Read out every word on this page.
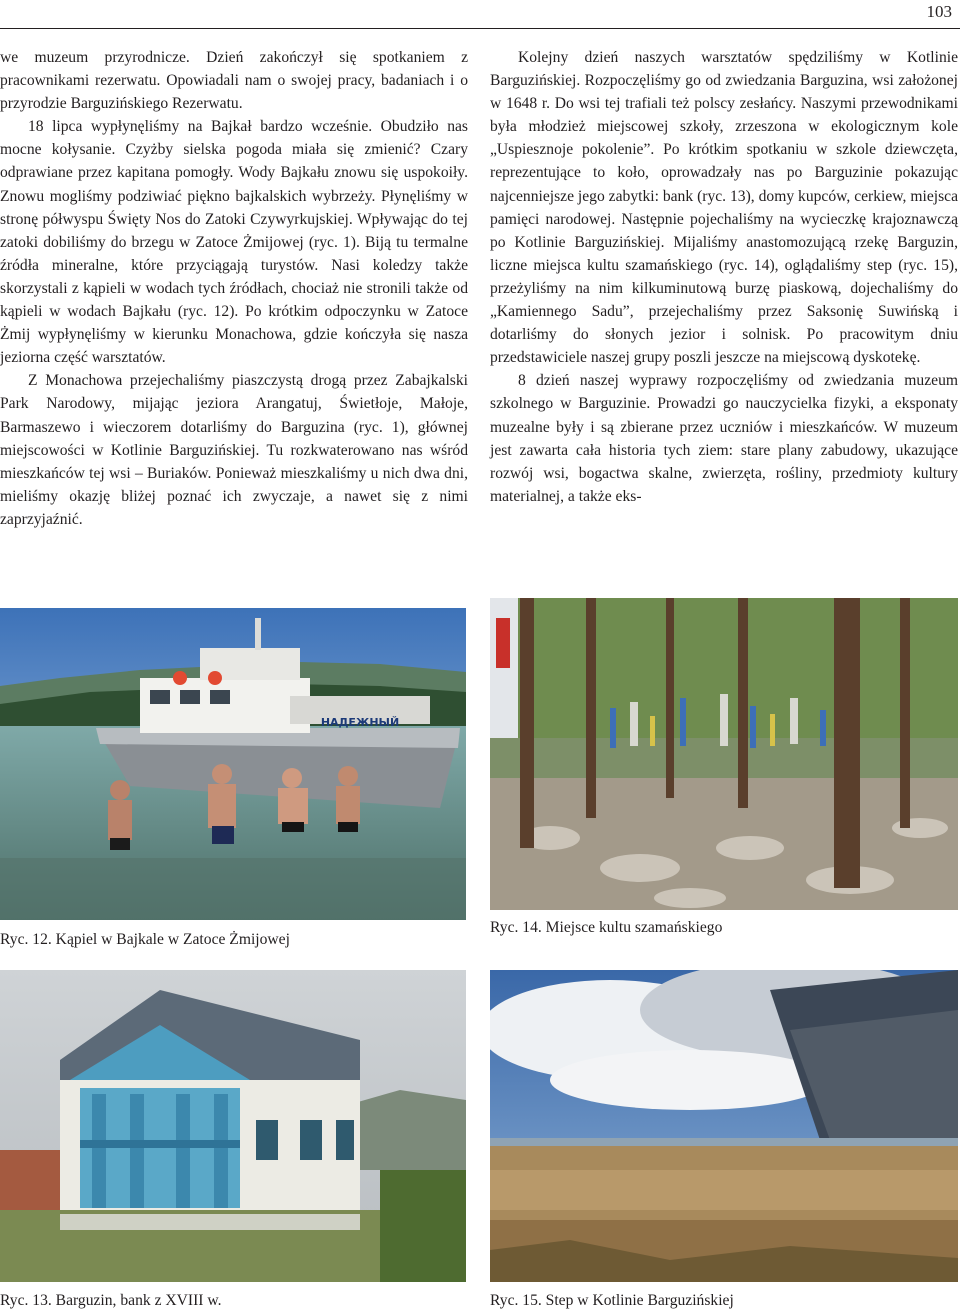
103

we muzeum przyrodnicze. Dzień zakończył się spotkaniem z pracownikami rezerwatu. Opowiadali nam o swojej pracy, badaniach i o przyrodzie Barguzińskiego Rezerwatu.

18 lipca wypłynęliśmy na Bajkał bardzo wcześnie. Obudziło nas mocne kołysanie. Czyżby sielska pogoda miała się zmienić? Czary odprawiane przez kapitana pomogły. Wody Bajkału znowu się uspokoiły. Znowu mogliśmy podziwiać piękno bajkalskich wybrzeży. Płynęliśmy w stronę półwyspu Święty Nos do Zatoki Czywyrkujskiej. Wpływając do tej zatoki dobiliśmy do brzegu w Zatoce Żmijowej (ryc. 1). Biją tu termalne źródła mineralne, które przyciągają turystów. Nasi koledzy także skorzystali z kąpieli w wodach tych źródłach, chociaż nie stronili także od kąpieli w wodach Bajkału (ryc. 12). Po krótkim odpoczynku w Zatoce Żmij wypłynęliśmy w kierunku Monachowa, gdzie kończyła się nasza jeziorna część warsztatów.

Z Monachowa przejechaliśmy piaszczystą drogą przez Zabajkalski Park Narodowy, mijając jeziora Arangatuj, Świetłoje, Małoje, Barmaszewo i wieczorem dotarliśmy do Barguzina (ryc. 1), głównej miejscowości w Kotlinie Barguzińskiej. Tu rozkwaterowano nas wśród mieszkańców tej wsi – Buriaków. Ponieważ mieszkaliśmy u nich dwa dni, mieliśmy okazję bliżej poznać ich zwyczaje, a nawet się z nimi zaprzyjaźnić.

Kolejny dzień naszych warsztatów spędziliśmy w Kotlinie Barguzińskiej. Rozpoczęliśmy go od zwiedzania Barguzina, wsi założonej w 1648 r. Do wsi tej trafiali też polscy zesłańcy. Naszymi przewodnikami była młodzież miejscowej szkoły, zrzeszona w ekologicznym kole „Uspiesznoje pokolenie”. Po krótkim spotkaniu w szkole dziewczęta, reprezentujące to koło, oprowadzały nas po Barguzinie pokazując najcenniejsze jego zabytki: bank (ryc. 13), domy kupców, cerkiew, miejsca pamięci narodowej. Następnie pojechaliśmy na wycieczkę krajoznawczą po Kotlinie Barguzińskiej. Mijaliśmy anastomozującą rzekę Barguzin, liczne miejsca kultu szamańskiego (ryc. 14), oglądaliśmy step (ryc. 15), przeżyliśmy na nim kilkuminutową burzę piaskową, dojechaliśmy do „Kamiennego Sadu”, przejechaliśmy przez Saksonię Suwińską i dotarliśmy do słonych jezior i solnisk. Po pracowitym dniu przedstawiciele naszej grupy poszli jeszcze na miejscową dyskotekę.

8 dzień naszej wyprawy rozpoczęliśmy od zwiedzania muzeum szkolnego w Barguzinie. Prowadzi go nauczycielka fizyki, a eksponaty muzealne były i są zbierane przez uczniów i mieszkańców. W muzeum jest zawarta cała historia tych ziem: stare plany zabudowy, ukazujące rozwój wsi, bogactwa skalne, zwierzęta, rośliny, przedmioty kultury materialnej, a także eks-

НАДЕЖНЫЙ
Ryc. 12. Kąpiel w Bajkale w Zatoce Żmijowej
Ryc. 14. Miejsce kultu szamańskiego
Ryc. 13. Barguzin, bank z XVIII w.	Ryc. 15. Step w Kotlinie Barguzińskiej
